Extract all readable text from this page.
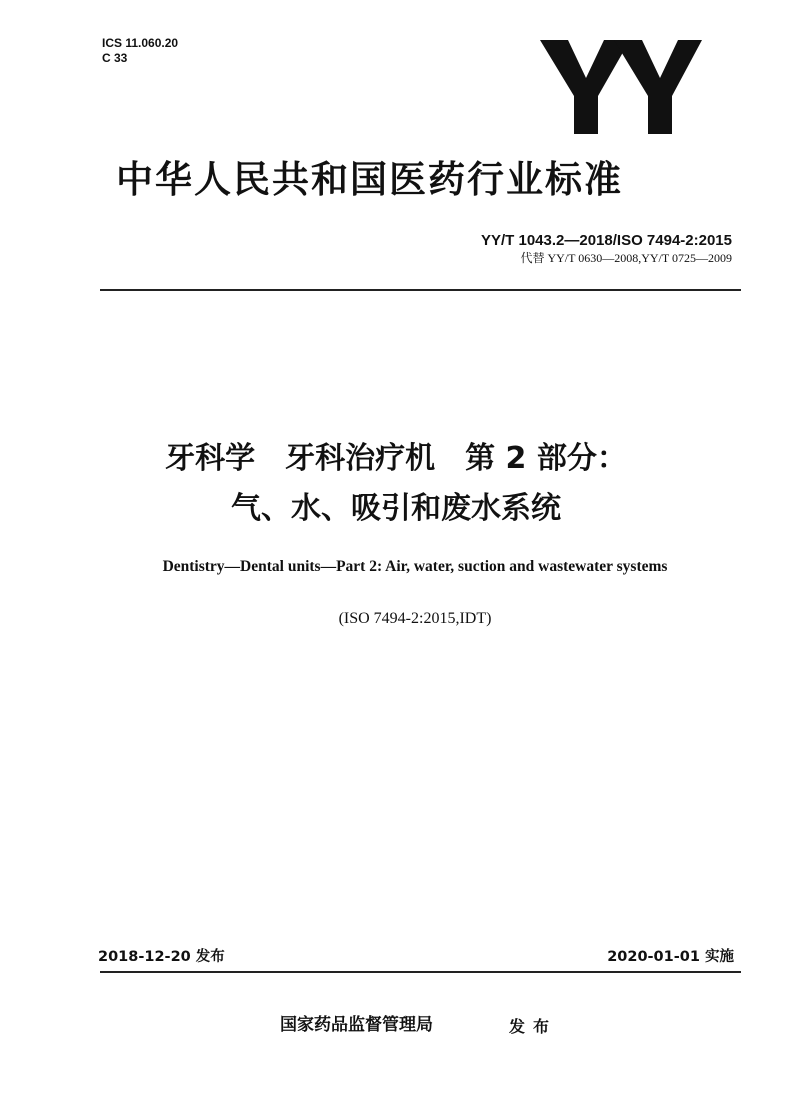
ICS 11.060.20
C 33
中华人民共和国医药行业标准
YY/T 1043.2—2018/ISO 7494-2:2015
代替 YY/T 0630—2008,YY/T 0725—2009
牙科学　牙科治疗机　第 2 部分：
气、水、吸引和废水系统
Dentistry—Dental units—Part 2: Air, water, suction and wastewater systems
(ISO 7494-2:2015,IDT)
2018-12-20 发布	2020-01-01 实施
国家药品监督管理局	发布
